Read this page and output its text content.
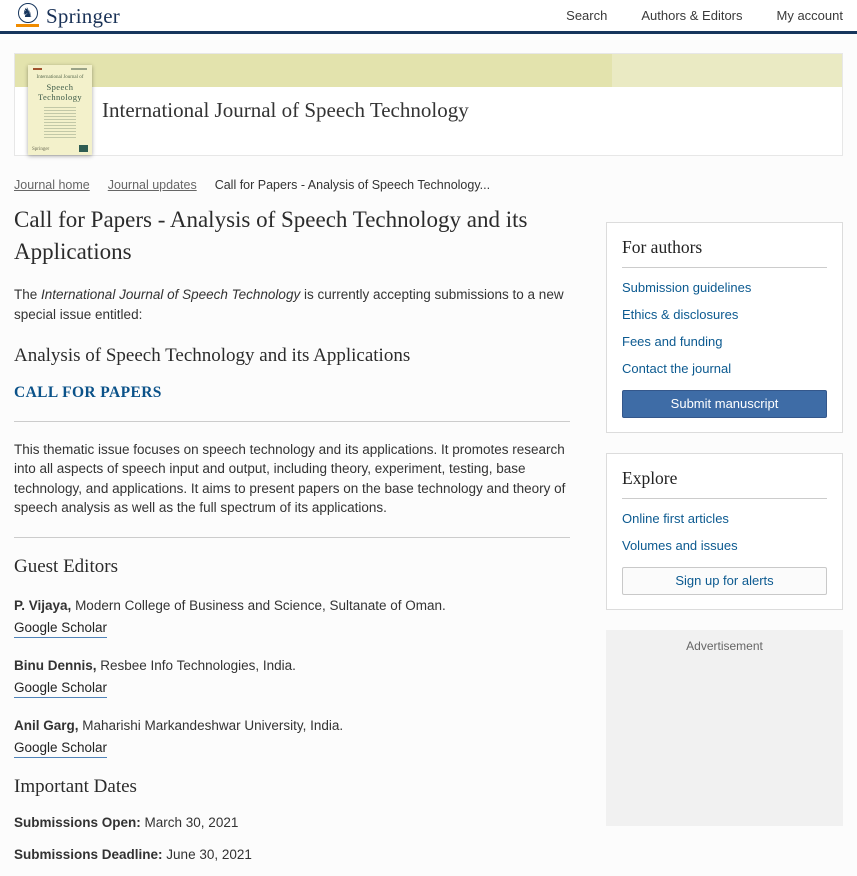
♞ Springer	Search	Authors & Editors	My account
International Journal of
Speech
Technology
Springer
International Journal of Speech Technology
Journal home Journal updates Call for Papers - Analysis of Speech Technology...
Call for Papers - Analysis of Speech Technology and its Applications

The International Journal of Speech Technology is currently accepting submissions to a new special issue entitled:

Analysis of Speech Technology and its Applications
CALL FOR PAPERS

This thematic issue focuses on speech technology and its applications. It promotes research into all aspects of speech input and output, including theory, experiment, testing, base technology, and applications. It aims to present papers on the base technology and theory of speech analysis as well as the full spectrum of its applications.

Guest Editors
P. Vijaya, Modern College of Business and Science, Sultanate of Oman.
Google Scholar
Binu Dennis, Resbee Info Technologies, India.
Google Scholar
Anil Garg, Maharishi Markandeshwar University, India.
Google Scholar
Important Dates

Submissions Open: March 30, 2021

Submissions Deadline: June 30, 2021

For authors
Submission guidelines
Ethics & disclosures
Fees and funding
Contact the journal
Submit manuscript
Explore
Online first articles
Volumes and issues
Sign up for alerts
Advertisement
